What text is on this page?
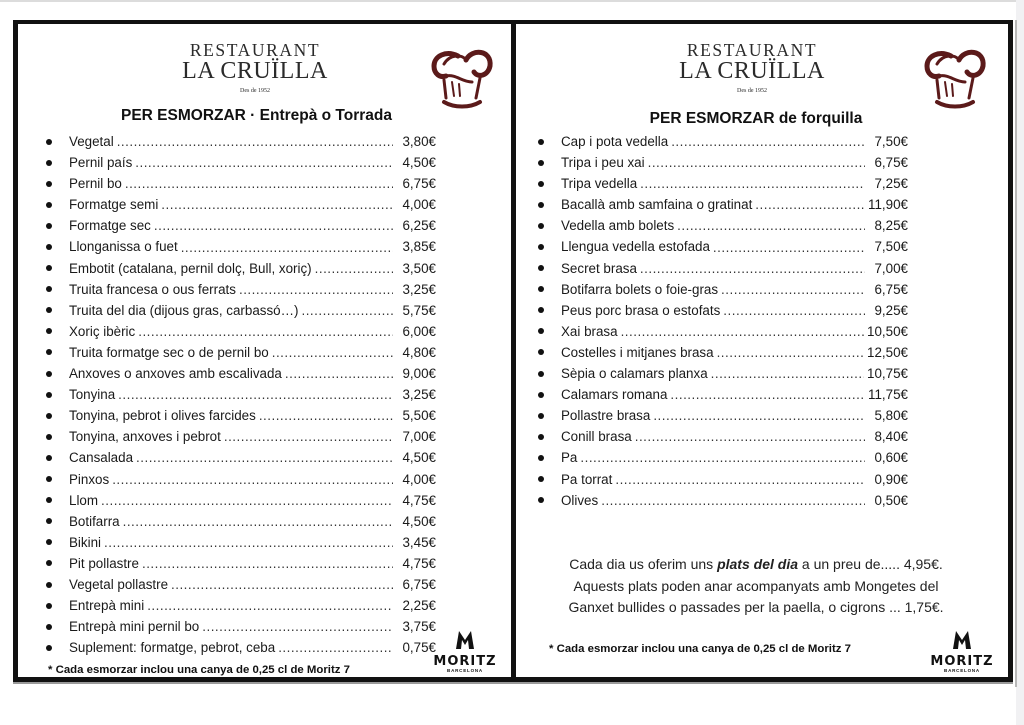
RESTAURANT
LA CRUÏLLA
Des de 1952
PER ESMORZAR · Entrepà o Torrada
Vegetal .....	3,80€
Pernil país .....	4,50€
Pernil bo .....	6,75€
Formatge semi .....	4,00€
Formatge sec .....	6,25€
Llonganissa o fuet .....	3,85€
Embotit (catalana, pernil dolç, Bull, xoriç) .....	3,50€
Truita francesa o ous ferrats .....	3,25€
Truita del dia (dijous gras, carbassó…) .....	5,75€
Xoriç ibèric .....	6,00€
Truita formatge sec o de pernil bo .....	4,80€
Anxoves o anxoves amb escalivada .....	9,00€
Tonyina .....	3,25€
Tonyina, pebrot i olives farcides .....	5,50€
Tonyina, anxoves i pebrot .....	7,00€
Cansalada .....	4,50€
Pinxos .....	4,00€
Llom .....	4,75€
Botifarra .....	4,50€
Bikini .....	3,45€
Pit pollastre .....	4,75€
Vegetal pollastre .....	6,75€
Entrepà mini .....	2,25€
Entrepà mini pernil bo .....	3,75€
Suplement: formatge, pebrot, ceba .....	0,75€
* Cada esmorzar inclou una canya de 0,25 cl de Moritz 7
MORITZ
BARCELONA
RESTAURANT
LA CRUÏLLA
Des de 1952
PER ESMORZAR de forquilla
Cap i pota vedella .....	7,50€
Tripa i peu xai .....	6,75€
Tripa vedella .....	7,25€
Bacallà amb samfaina o gratinat .....	11,90€
Vedella amb bolets .....	8,25€
Llengua vedella estofada .....	7,50€
Secret brasa .....	7,00€
Botifarra bolets o foie-gras .....	6,75€
Peus porc brasa o estofats .....	9,25€
Xai brasa .....	10,50€
Costelles i mitjanes brasa .....	12,50€
Sèpia o calamars planxa .....	10,75€
Calamars romana .....	11,75€
Pollastre brasa .....	5,80€
Conill brasa .....	8,40€
Pa .....	0,60€
Pa torrat .....	0,90€
Olives .....	0,50€
Cada dia us oferim uns plats del dia a un preu de..... 4,95€.
Aquests plats poden anar acompanyats amb Mongetes del
Ganxet bullides o passades per la paella, o cigrons ... 1,75€.
* Cada esmorzar inclou una canya de 0,25 cl de Moritz 7
MORITZ
BARCELONA
